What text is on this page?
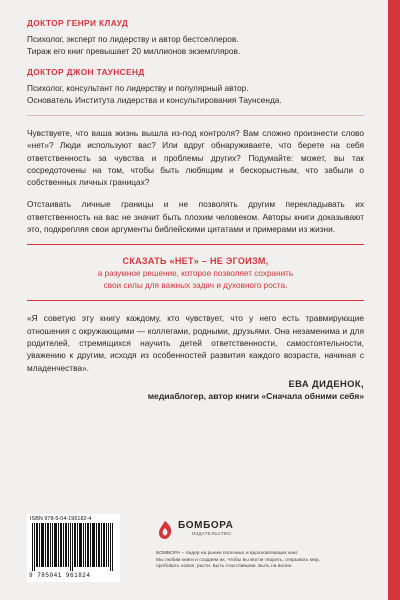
ДОКТОР ГЕНРИ КЛАУД

Психолог, эксперт по лидерству и автор бестселлеров.

Тираж его книг превышает 20 миллионов экземпляров.

ДОКТОР ДЖОН ТАУНСЕНД

Психолог, консультант по лидерству и популярный автор.

Основатель Института лидерства и консультирования Таунсенда.

Чувствуете, что ваша жизнь вышла из-под контроля? Вам сложно произнести слово «нет»? Люди используют вас? Или вдруг обнаруживаете, что берете на себя ответственность за чувства и проблемы других? Подумайте: может, вы так сосредоточены на том, чтобы быть любящим и бескорыстным, что забыли о собственных личных границах?

Отстаивать личные границы и не позволять другим перекладывать их ответственность на вас не значит быть плохим человеком. Авторы книги доказывают это, подкрепляя свои аргументы библейскими цитатами и примерами из жизни.

СКАЗАТЬ «НЕТ» – НЕ ЭГОИЗМ,
а разумное решение, которое позволяет сохранить
свои силы для важных задач и духовного роста.

«Я советую эту книгу каждому, кто чувствует, что у него есть травмирующие отношения с окружающими — коллегами, родными, друзьями. Она незаменима и для родителей, стремящихся научить детей ответственности, самостоятельности, уважению к другим, исходя из особенностей развития каждого возраста, начиная с младенчества».

ЕВА ДИДЕНОК,
медиаблогер, автор книги «Сначала обними себя»
ISBN 978-5-04-196182-4
9 785041 961824
БОМБОРА
ИЗДАТЕЛЬСТВО
БОМБОРА – лидер на рынке полезных и вдохновляющих книг.
Мы любим книги и создаем их, чтобы вы могли творить, открывать мир,
пробовать новое, расти. Быть счастливыми. Быть на волне.
